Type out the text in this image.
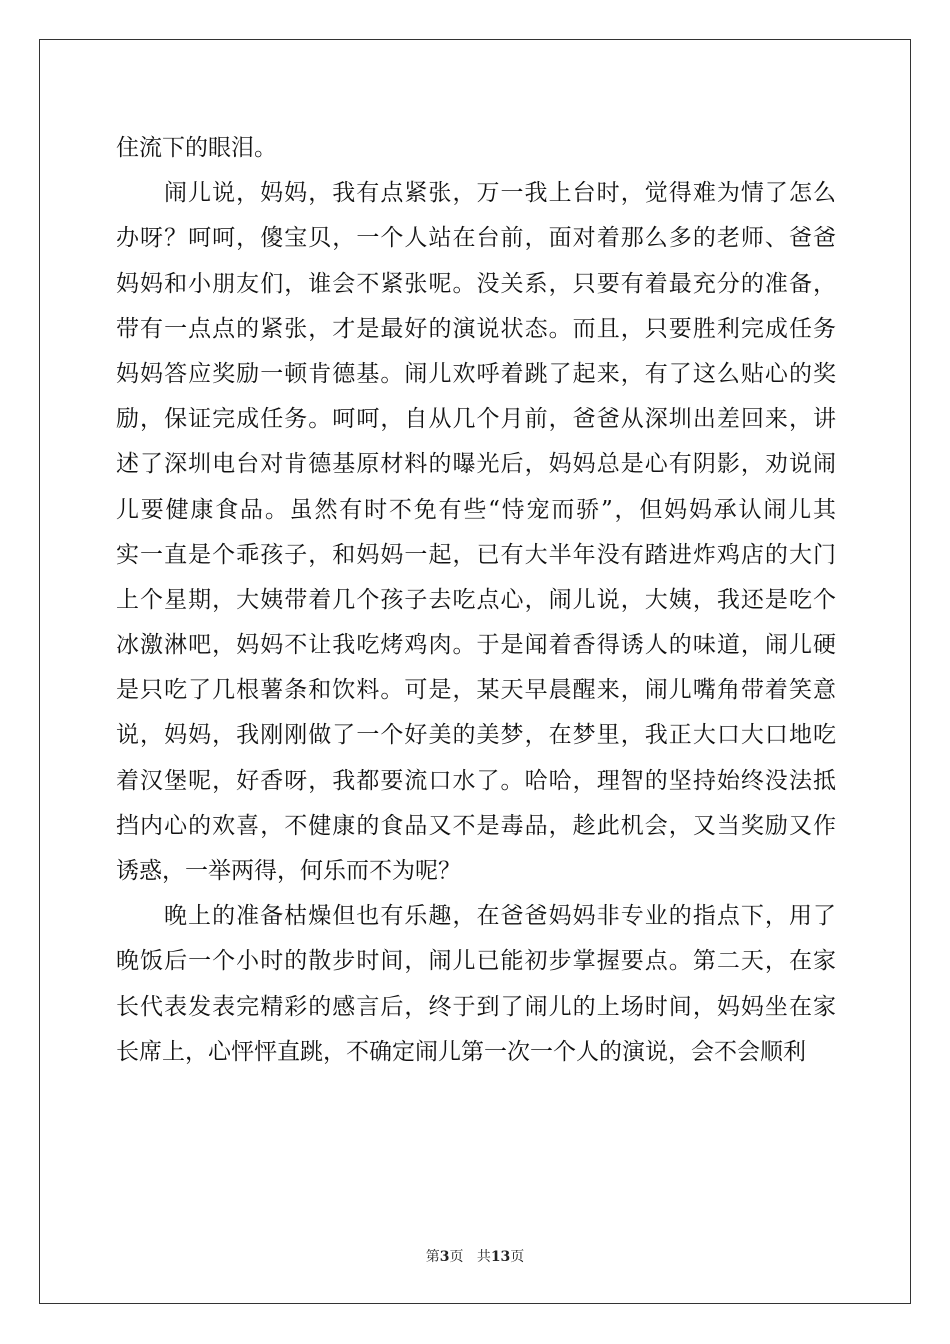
住流下的眼泪。
闹儿说，妈妈，我有点紧张，万一我上台时，觉得难为情了怎么
办呀？呵呵，傻宝贝，一个人站在台前，面对着那么多的老师、爸爸
妈妈和小朋友们，谁会不紧张呢。没关系，只要有着最充分的准备，
带有一点点的紧张，才是最好的演说状态。而且，只要胜利完成任务
妈妈答应奖励一顿肯德基。闹儿欢呼着跳了起来，有了这么贴心的奖
励，保证完成任务。呵呵，自从几个月前，爸爸从深圳出差回来，讲
述了深圳电台对肯德基原材料的曝光后，妈妈总是心有阴影，劝说闹
儿要健康食品。虽然有时不免有些“恃宠而骄”，但妈妈承认闹儿其
实一直是个乖孩子，和妈妈一起，已有大半年没有踏进炸鸡店的大门
上个星期，大姨带着几个孩子去吃点心，闹儿说，大姨，我还是吃个
冰激淋吧，妈妈不让我吃烤鸡肉。于是闻着香得诱人的味道，闹儿硬
是只吃了几根薯条和饮料。可是，某天早晨醒来，闹儿嘴角带着笑意
说，妈妈，我刚刚做了一个好美的美梦，在梦里，我正大口大口地吃
着汉堡呢，好香呀，我都要流口水了。哈哈，理智的坚持始终没法抵
挡内心的欢喜，不健康的食品又不是毒品，趁此机会，又当奖励又作
诱惑，一举两得，何乐而不为呢？
晚上的准备枯燥但也有乐趣，在爸爸妈妈非专业的指点下，用了
晚饭后一个小时的散步时间，闹儿已能初步掌握要点。第二天，在家
长代表发表完精彩的感言后，终于到了闹儿的上场时间，妈妈坐在家
长席上，心怦怦直跳，不确定闹儿第一次一个人的演说，会不会顺利
第3页 共13页
